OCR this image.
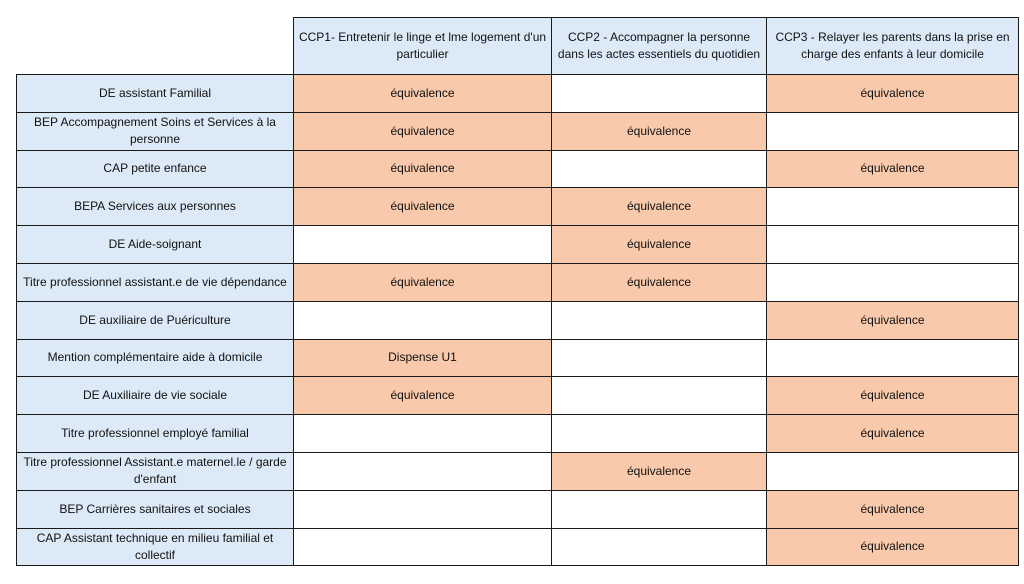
	CCP1- Entretenir le linge et lme logement d'un particulier	CCP2 - Accompagner la personne dans les actes essentiels du quotidien	CCP3 - Relayer les parents dans la prise en charge des enfants à leur domicile
DE assistant Familial	équivalence		équivalence
BEP Accompagnement Soins et Services à la personne	équivalence	équivalence	
CAP petite enfance	équivalence		équivalence
BEPA Services aux personnes	équivalence	équivalence	
DE Aide-soignant		équivalence	
Titre professionnel assistant.e de vie dépendance	équivalence	équivalence	
DE auxiliaire de Puériculture			équivalence
Mention complémentaire aide à domicile	Dispense U1		
DE Auxiliaire de vie sociale	équivalence		équivalence
Titre professionnel employé familial			équivalence
Titre professionnel Assistant.e maternel.le / garde d'enfant		équivalence	
BEP Carrières sanitaires et sociales			équivalence
CAP Assistant technique en milieu familial et collectif			équivalence
